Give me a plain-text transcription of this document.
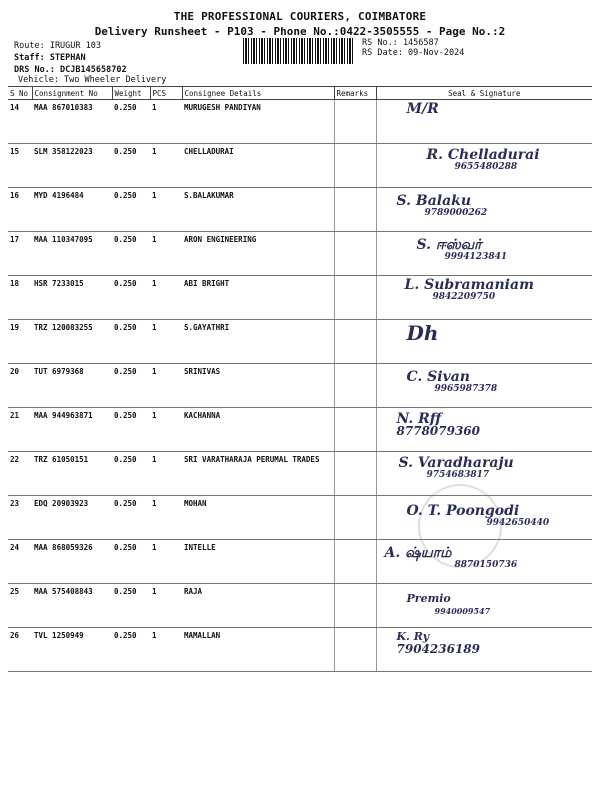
THE PROFESSIONAL COURIERS, COIMBATORE
Delivery Runsheet - P103 - Phone No.:0422-3505555 - Page No.:2
Route: IRUGUR 103
Staff: STEPHAN
DRS No.: DCJB145658702
Vehicle: Two Wheeler Delivery
RS No.: 1456587
RS Date: 09-Nov-2024
S No	Consignment No	Weight	PCS	Consignee Details	Remarks	Seal & Signature
14	MAA 867010383	0.250	1	MURUGESH PANDIYAN		M/R

15	SLM 358122023	0.250	1	CHELLADURAI		R. Chelladurai
9655480288

16	MYD 4196484	0.250	1	S.BALAKUMAR		S. Balaku
9789000262

17	MAA 110347095	0.250	1	ARON ENGINEERING		S. ஈஸ்வர்
9994123841

18	HSR 7233015	0.250	1	ABI BRIGHT		L. Subramaniam
9842209750

19	TRZ 120083255	0.250	1	S.GAYATHRI		Dh

20	TUT 6979368	0.250	1	SRINIVAS		C. Sivan
9965987378

21	MAA 944963871	0.250	1	KACHANNA		N. Rff
8778079360

22	TRZ 61050151	0.250	1	SRI VARATHARAJA PERUMAL TRADES		S. Varadharaju
9754683817

23	EDQ 20903923	0.250	1	MOHAN		O. T. Poongodi
9942650440

24	MAA 868059326	0.250	1	INTELLE		A. ஷ்யாம்
8870150736

25	MAA 575408843	0.250	1	RAJA		Premio
9940009547

26	TVL 1250949	0.250	1	MAMALLAN		K. Ry
7904236189
